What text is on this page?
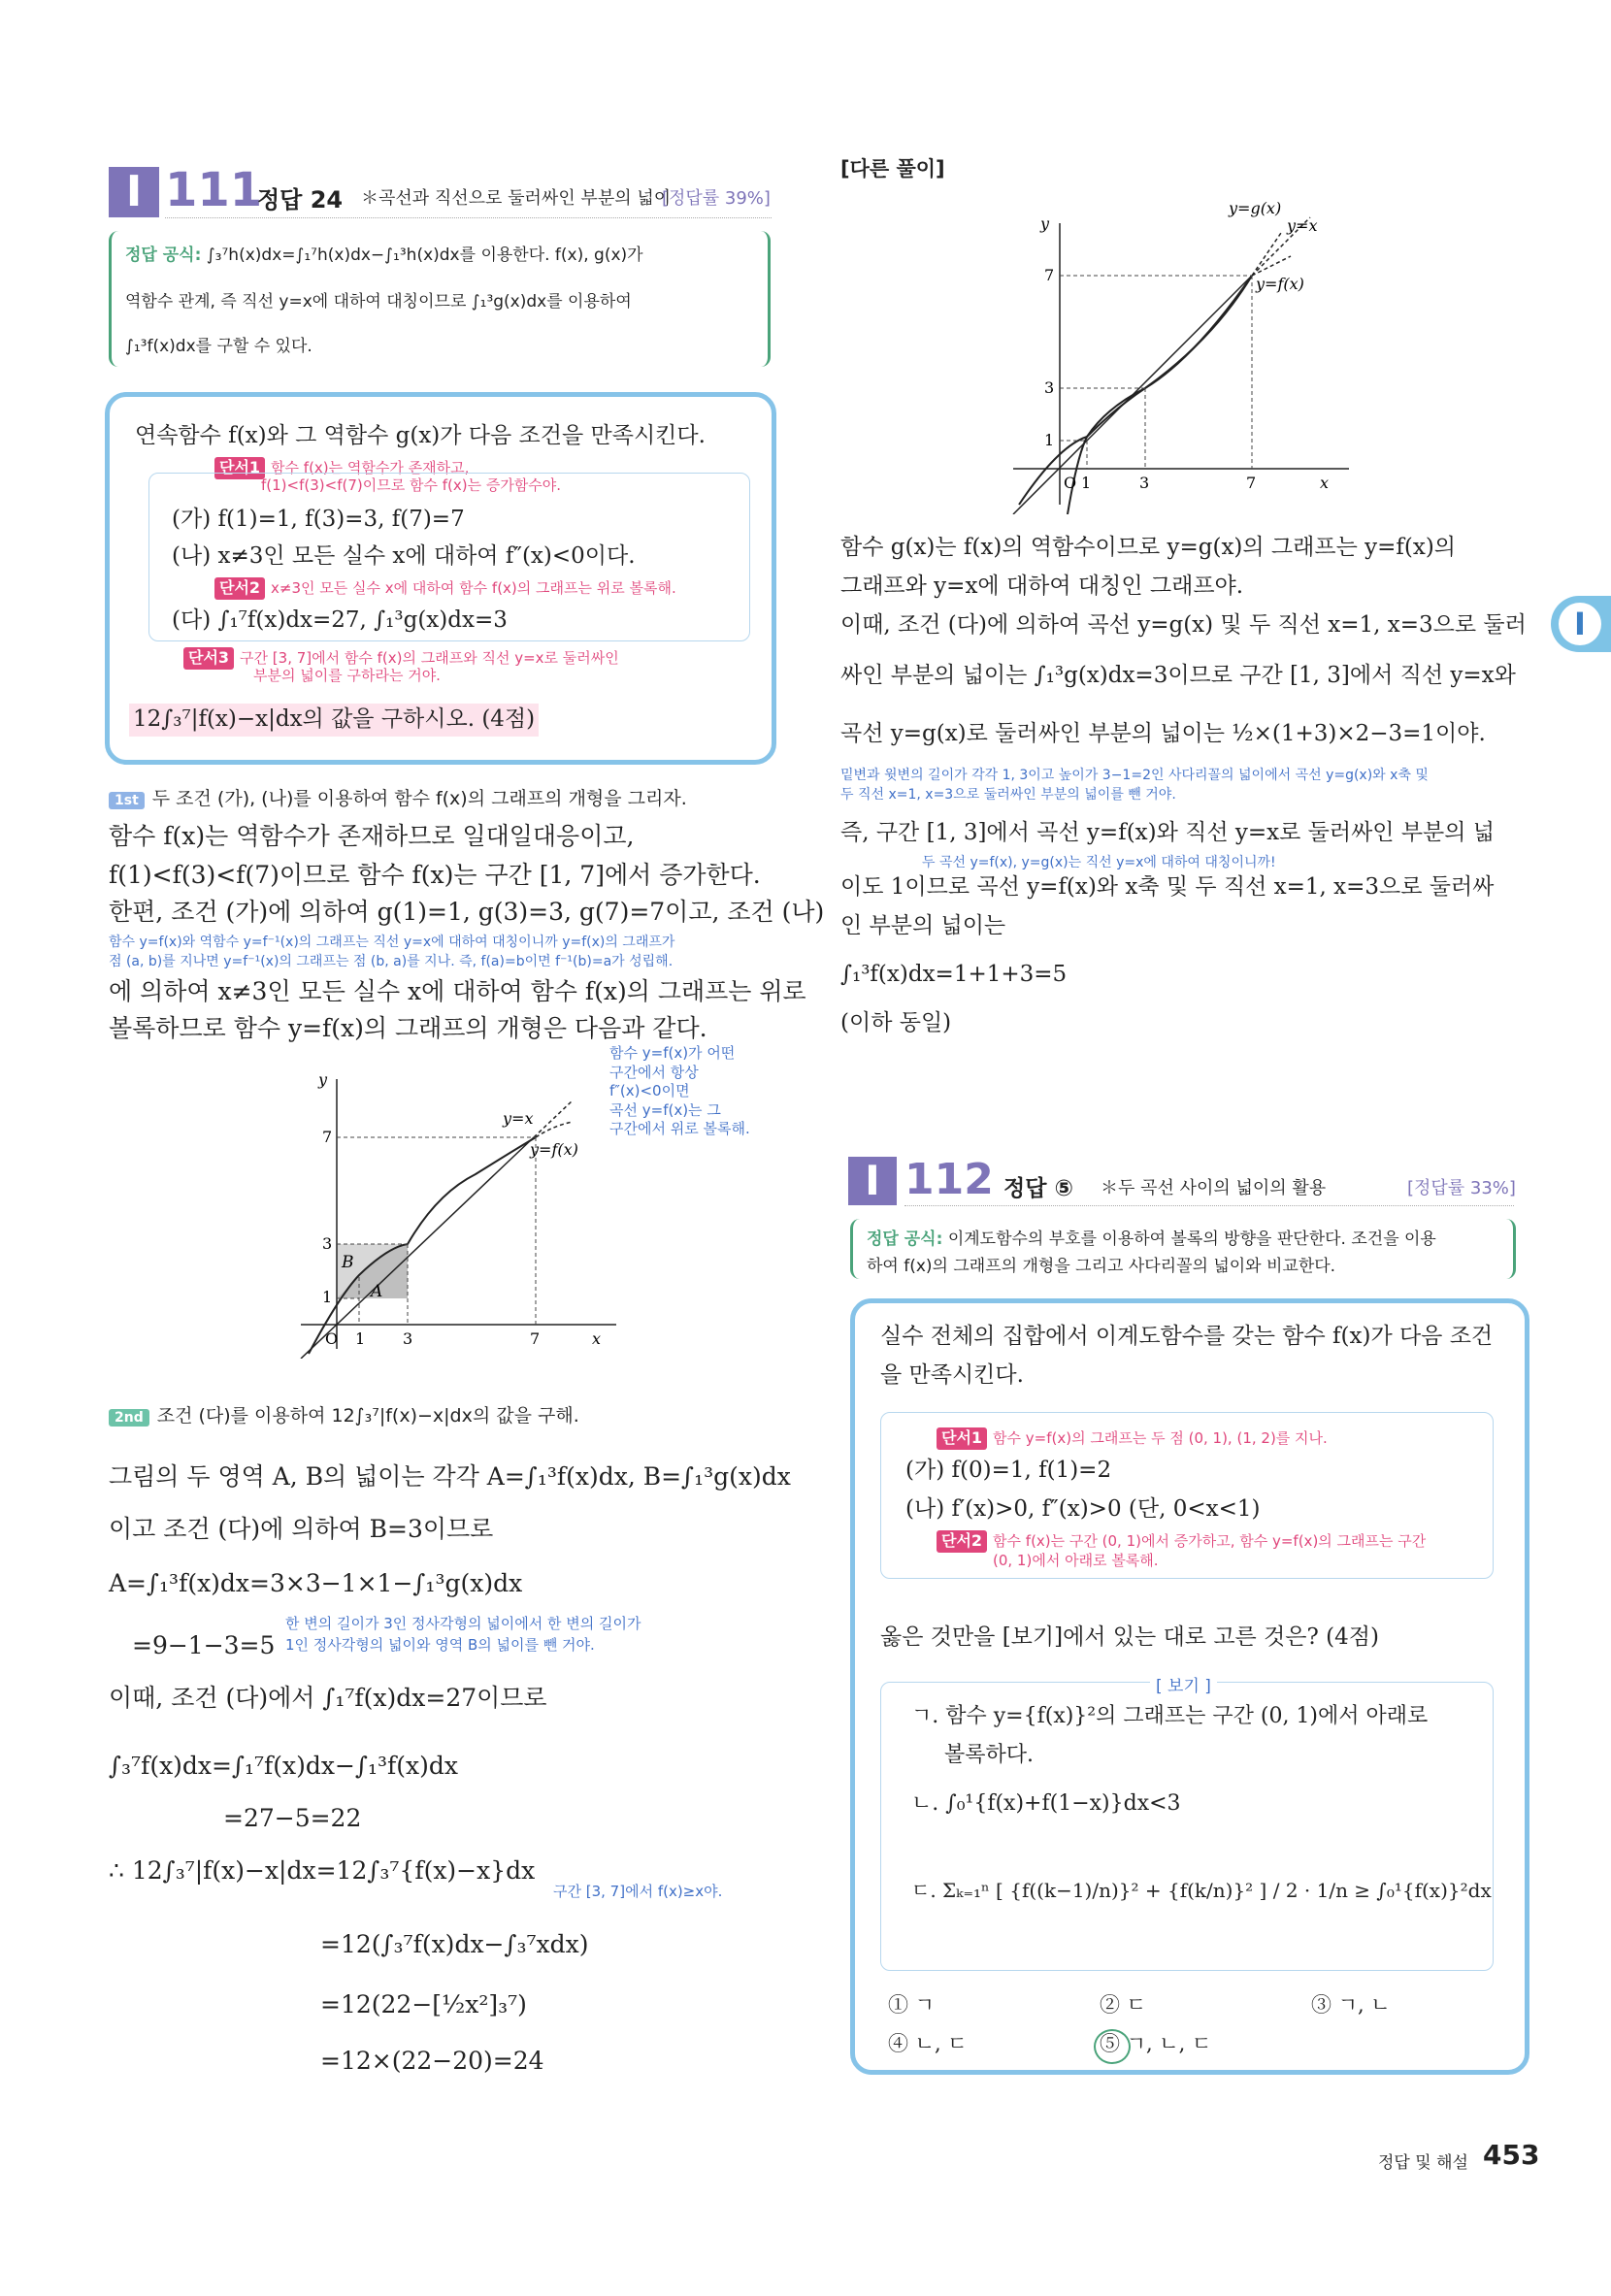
I 111
정답 24 ＊곡선과 직선으로 둘러싸인 부분의 넓이
[정답률 39%]
정답 공식: ∫₃⁷h(x)dx=∫₁⁷h(x)dx−∫₁³h(x)dx를 이용한다. f(x), g(x)가
역함수 관계, 즉 직선 y=x에 대하여 대칭이므로 ∫₁³g(x)dx를 이용하여
∫₁³f(x)dx를 구할 수 있다.
연속함수 f(x)와 그 역함수 g(x)가 다음 조건을 만족시킨다.
단서1 함수 f(x)는 역함수가 존재하고,
f(1)<f(3)<f(7)이므로 함수 f(x)는 증가함수야.
(가) f(1)=1, f(3)=3, f(7)=7
(나) x≠3인 모든 실수 x에 대하여 f″(x)<0이다.
단서2 x≠3인 모든 실수 x에 대하여 함수 f(x)의 그래프는 위로 볼록해.
(다) ∫₁⁷f(x)dx=27, ∫₁³g(x)dx=3
단서3 구간 [3, 7]에서 함수 f(x)의 그래프와 직선 y=x로 둘러싸인
부분의 넓이를 구하라는 거야.
12∫₃⁷|f(x)−x|dx의 값을 구하시오. (4점)
1st 두 조건 (가), (나)를 이용하여 함수 f(x)의 그래프의 개형을 그리자.
함수 f(x)는 역함수가 존재하므로 일대일대응이고,
f(1)<f(3)<f(7)이므로 함수 f(x)는 구간 [1, 7]에서 증가한다.
한편, 조건 (가)에 의하여 g(1)=1, g(3)=3, g(7)=7이고, 조건 (나)
함수 y=f(x)와 역함수 y=f⁻¹(x)의 그래프는 직선 y=x에 대하여 대칭이니까 y=f(x)의 그래프가
점 (a, b)를 지나면 y=f⁻¹(x)의 그래프는 점 (b, a)를 지나. 즉, f(a)=b이면 f⁻¹(b)=a가 성립해.
에 의하여 x≠3인 모든 실수 x에 대하여 함수 f(x)의 그래프는 위로
볼록하므로 함수 y=f(x)의 그래프의 개형은 다음과 같다.
함수 y=f(x)가 어떤
구간에서 항상
f″(x)<0이면
곡선 y=f(x)는 그
구간에서 위로 볼록해.
y
x
y=x
y=f(x)
1 3	7
1
3
7
O
A
B
2nd 조건 (다)를 이용하여 12∫₃⁷|f(x)−x|dx의 값을 구해.
그림의 두 영역 A, B의 넓이는 각각 A=∫₁³f(x)dx, B=∫₁³g(x)dx
이고 조건 (다)에 의하여 B=3이므로
A=∫₁³f(x)dx=3×3−1×1−∫₁³g(x)dx
=9−1−3=5
한 변의 길이가 3인 정사각형의 넓이에서 한 변의 길이가
1인 정사각형의 넓이와 영역 B의 넓이를 뺀 거야.
이때, 조건 (다)에서 ∫₁⁷f(x)dx=27이므로
∫₃⁷f(x)dx=∫₁⁷f(x)dx−∫₁³f(x)dx
=27−5=22
∴ 12∫₃⁷|f(x)−x|dx=12∫₃⁷{f(x)−x}dx
구간 [3, 7]에서 f(x)≥x야.
=12(∫₃⁷f(x)dx−∫₃⁷xdx)
=12(22−[½x²]₃⁷)
=12×(22−20)=24
[다른 풀이]
y
x
y=g(x)
y=x
y=f(x)
1	3	7
1
3
7
O
함수 g(x)는 f(x)의 역함수이므로 y=g(x)의 그래프는 y=f(x)의
그래프와 y=x에 대하여 대칭인 그래프야.
이때, 조건 (다)에 의하여 곡선 y=g(x) 및 두 직선 x=1, x=3으로 둘러
싸인 부분의 넓이는 ∫₁³g(x)dx=3이므로 구간 [1, 3]에서 직선 y=x와
곡선 y=g(x)로 둘러싸인 부분의 넓이는 ½×(1+3)×2−3=1이야.
밑변과 윗변의 길이가 각각 1, 3이고 높이가 3−1=2인 사다리꼴의 넓이에서 곡선 y=g(x)와 x축 및
두 직선 x=1, x=3으로 둘러싸인 부분의 넓이를 뺀 거야.
즉, 구간 [1, 3]에서 곡선 y=f(x)와 직선 y=x로 둘러싸인 부분의 넓
두 곡선 y=f(x), y=g(x)는 직선 y=x에 대하여 대칭이니까!
이도 1이므로 곡선 y=f(x)와 x축 및 두 직선 x=1, x=3으로 둘러싸
인 부분의 넓이는
∫₁³f(x)dx=1+1+3=5
(이하 동일)
I
I 112 정답 ⑤ ＊두 곡선 사이의 넓이의 활용	[정답률 33%]
정답 공식: 이계도함수의 부호를 이용하여 볼록의 방향을 판단한다. 조건을 이용
하여 f(x)의 그래프의 개형을 그리고 사다리꼴의 넓이와 비교한다.
실수 전체의 집합에서 이계도함수를 갖는 함수 f(x)가 다음 조건
을 만족시킨다.
단서1 함수 y=f(x)의 그래프는 두 점 (0, 1), (1, 2)를 지나.
(가) f(0)=1, f(1)=2
(나) f′(x)>0, f″(x)>0 (단, 0<x<1)
단서2 함수 f(x)는 구간 (0, 1)에서 증가하고, 함수 y=f(x)의 그래프는 구간
(0, 1)에서 아래로 볼록해.
옳은 것만을 [보기]에서 있는 대로 고른 것은? (4점)
[ 보기 ]
ㄱ. 함수 y={f(x)}²의 그래프는 구간 (0, 1)에서 아래로
볼록하다.
ㄴ. ∫₀¹{f(x)+f(1−x)}dx<3
ㄷ. Σₖ₌₁ⁿ [ {f((k−1)/n)}² + {f(k/n)}² ] / 2 · 1/n ≥ ∫₀¹{f(x)}²dx
① ㄱ	② ㄷ	③ ㄱ, ㄴ
④ ㄴ, ㄷ	⑤ ㄱ, ㄴ, ㄷ
정답 및 해설 453
